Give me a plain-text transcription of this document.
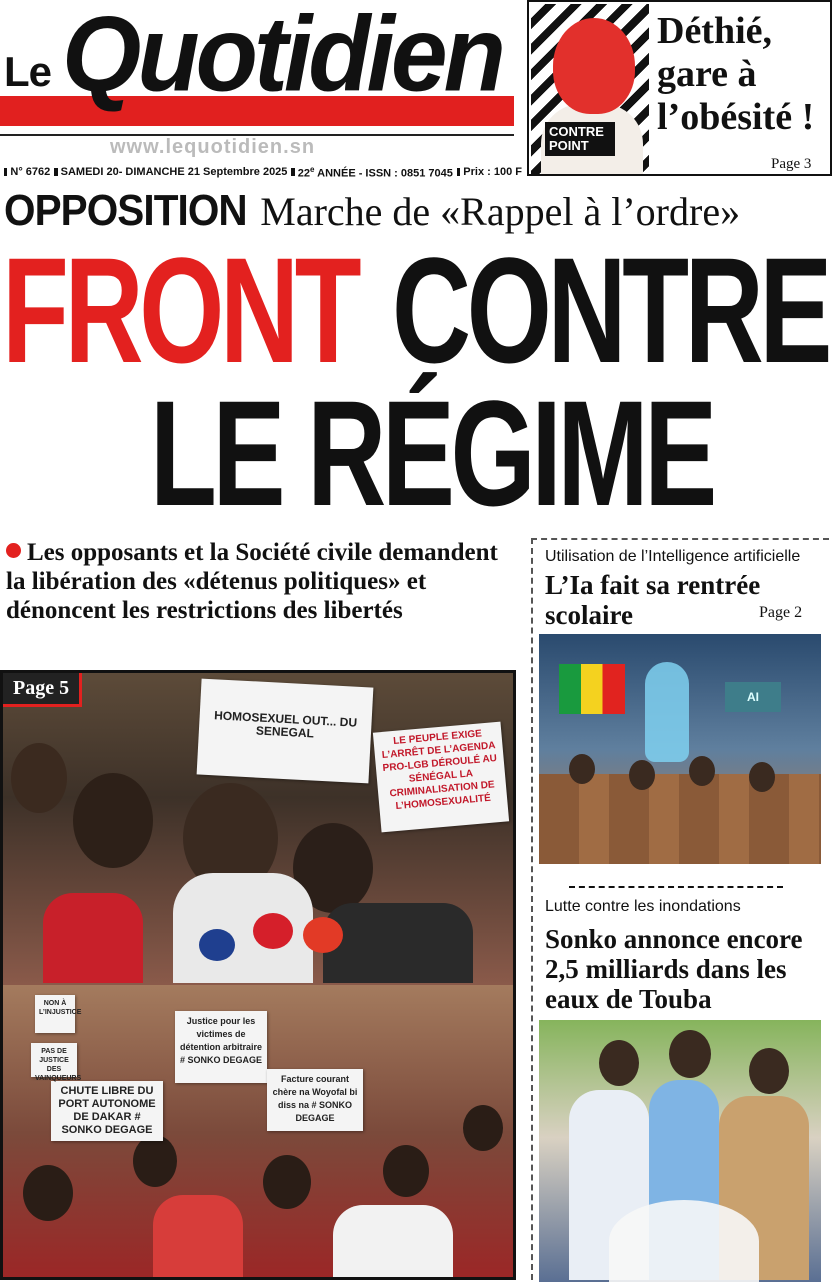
Le Quotidien
www.lequotidien.sn
N° 6762 SAMEDI 20- DIMANCHE 21 Septembre 2025 22e ANNÉE - ISSN : 0851 7045 Prix : 100 F
CONTRE
POINT
Déthié, gare à l’obésité !
Page 3
OPPOSITION Marche de «Rappel à l’ordre»
FRONT CONTRE
LE RÉGIME
Les opposants et la Société civile demandent la libération des «détenus politiques» et dénoncent les restrictions des libertés
HOMOSEXUEL OUT... DU SENEGAL	LE PEUPLE EXIGE L’ARRÊT DE L’AGENDA PRO-LGB DÉROULÉ AU SÉNÉGAL LA CRIMINALISATION DE L’HOMOSEXUALITÉ
CHUTE LIBRE DU PORT AUTONOME DE DAKAR # SONKO DEGAGE
Justice pour les victimes de détention arbitraire # SONKO DEGAGE
Facture courant chère na Woyofal bi diss na # SONKO DEGAGE
NON À L’INJUSTICE
PAS DE JUSTICE DES VAINQUEURS
Page 5
Utilisation de l’Intelligence artificielle
L’Ia fait sa rentrée scolaire	Page 2
AI
Lutte contre les inondations
Sonko annonce encore 2,5 milliards dans les eaux de Touba
